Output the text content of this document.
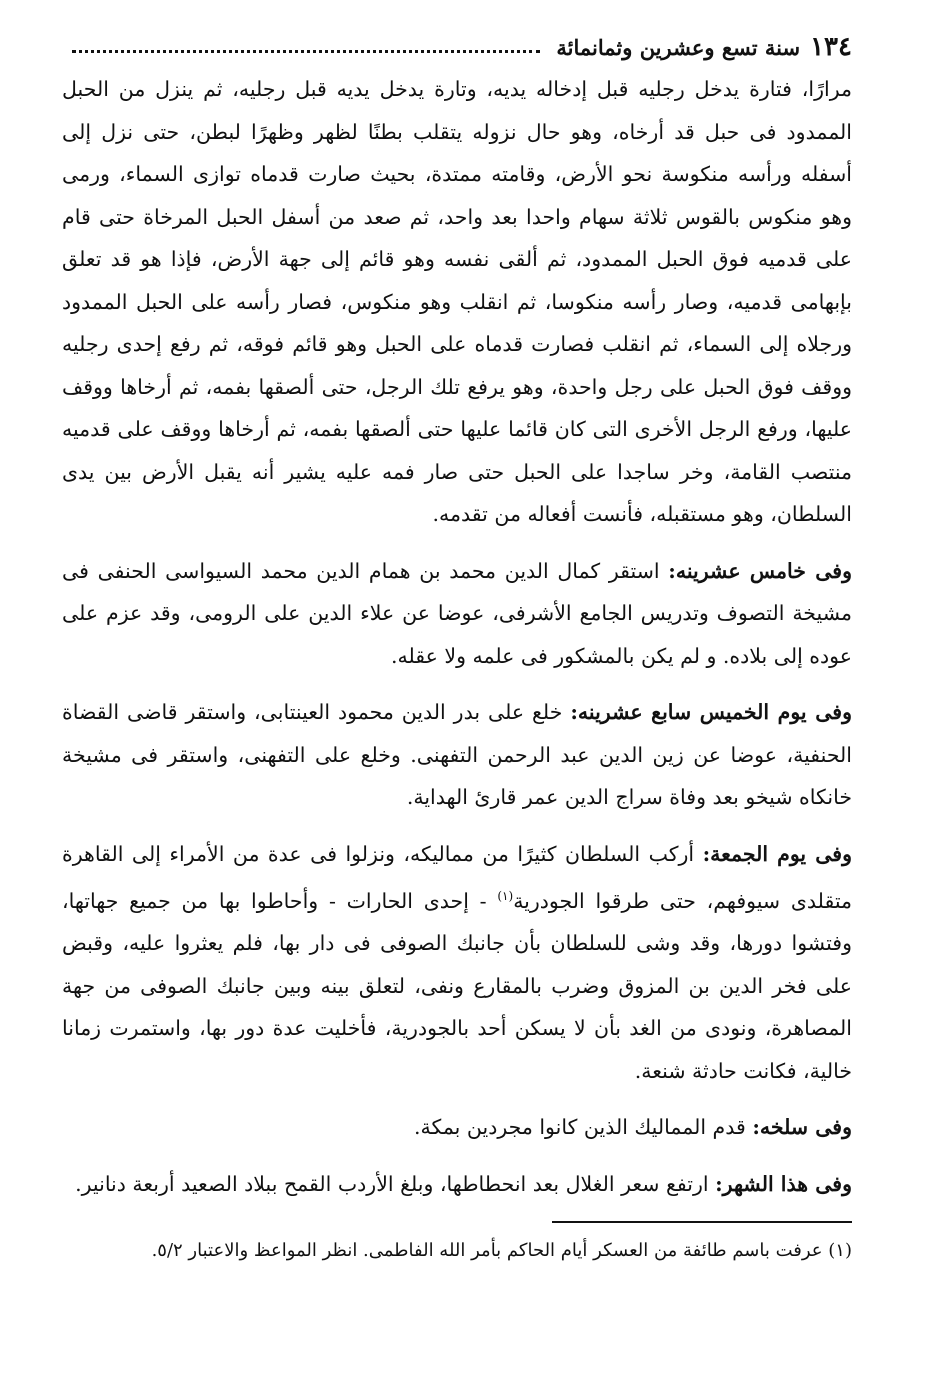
١٣٤
سنة تسع وعشرين وثمانمائة

مرارًا، فتارة يدخل رجليه قبل إدخاله يديه، وتارة يدخل يديه قبل رجليه، ثم ينزل من الحبل الممدود فى حبل قد أرخاه، وهو حال نزوله يتقلب بطنًا لظهر وظهرًا لبطن، حتى نزل إلى أسفله ورأسه منكوسة نحو الأرض، وقامته ممتدة، بحيث صارت قدماه توازى السماء، ورمى وهو منكوس بالقوس ثلاثة سهام واحدا بعد واحد، ثم صعد من أسفل الحبل المرخاة حتى قام على قدميه فوق الحبل الممدود، ثم ألقى نفسه وهو قائم إلى جهة الأرض، فإذا هو قد تعلق بإبهامى قدميه، وصار رأسه منكوسا، ثم انقلب وهو منكوس، فصار رأسه على الحبل الممدود ورجلاه إلى السماء، ثم انقلب فصارت قدماه على الحبل وهو قائم فوقه، ثم رفع إحدى رجليه ووقف فوق الحبل على رجل واحدة، وهو يرفع تلك الرجل، حتى ألصقها بفمه، ثم أرخاها ووقف عليها، ورفع الرجل الأخرى التى كان قائما عليها حتى ألصقها بفمه، ثم أرخاها ووقف على قدميه منتصب القامة، وخر ساجدا على الحبل حتى صار فمه عليه يشير أنه يقبل الأرض بين يدى السلطان، وهو مستقبله، فأنست أفعاله من تقدمه.

وفى خامس عشرينه: استقر كمال الدين محمد بن همام الدين محمد السيواسى الحنفى فى مشيخة التصوف وتدريس الجامع الأشرفى، عوضا عن علاء الدين على الرومى، وقد عزم على عوده إلى بلاده. و لم يكن بالمشكور فى علمه ولا عقله.

وفى يوم الخميس سابع عشرينه: خلع على بدر الدين محمود العينتابى، واستقر قاضى القضاة الحنفية، عوضا عن زين الدين عبد الرحمن التفهنى. وخلع على التفهنى، واستقر فى مشيخة خانكاه شيخو بعد وفاة سراج الدين عمر قارئ الهداية.

وفى يوم الجمعة: أركب السلطان كثيرًا من مماليكه، ونزلوا فى عدة من الأمراء إلى القاهرة متقلدى سيوفهم، حتى طرقوا الجودرية$^{(١)}$ - إحدى الحارات - وأحاطوا بها من جميع جهاتها، وفتشوا دورها، وقد وشى للسلطان بأن جانبك الصوفى فى دار بها، فلم يعثروا عليه، وقبض على فخر الدين بن المزوق وضرب بالمقارع ونفى، لتعلق بينه وبين جانبك الصوفى من جهة المصاهرة، ونودى من الغد بأن لا يسكن أحد بالجودرية، فأخليت عدة دور بها، واستمرت زمانا خالية، فكانت حادثة شنعة.

وفى سلخه: قدم المماليك الذين كانوا مجردين بمكة.

وفى هذا الشهر: ارتفع سعر الغلال بعد انحطاطها، وبلغ الأردب القمح ببلاد الصعيد أربعة دنانير.

(١) عرفت باسم طائفة من العسكر أيام الحاكم بأمر الله الفاطمى. انظر المواعظ والاعتبار ٥/٢.
